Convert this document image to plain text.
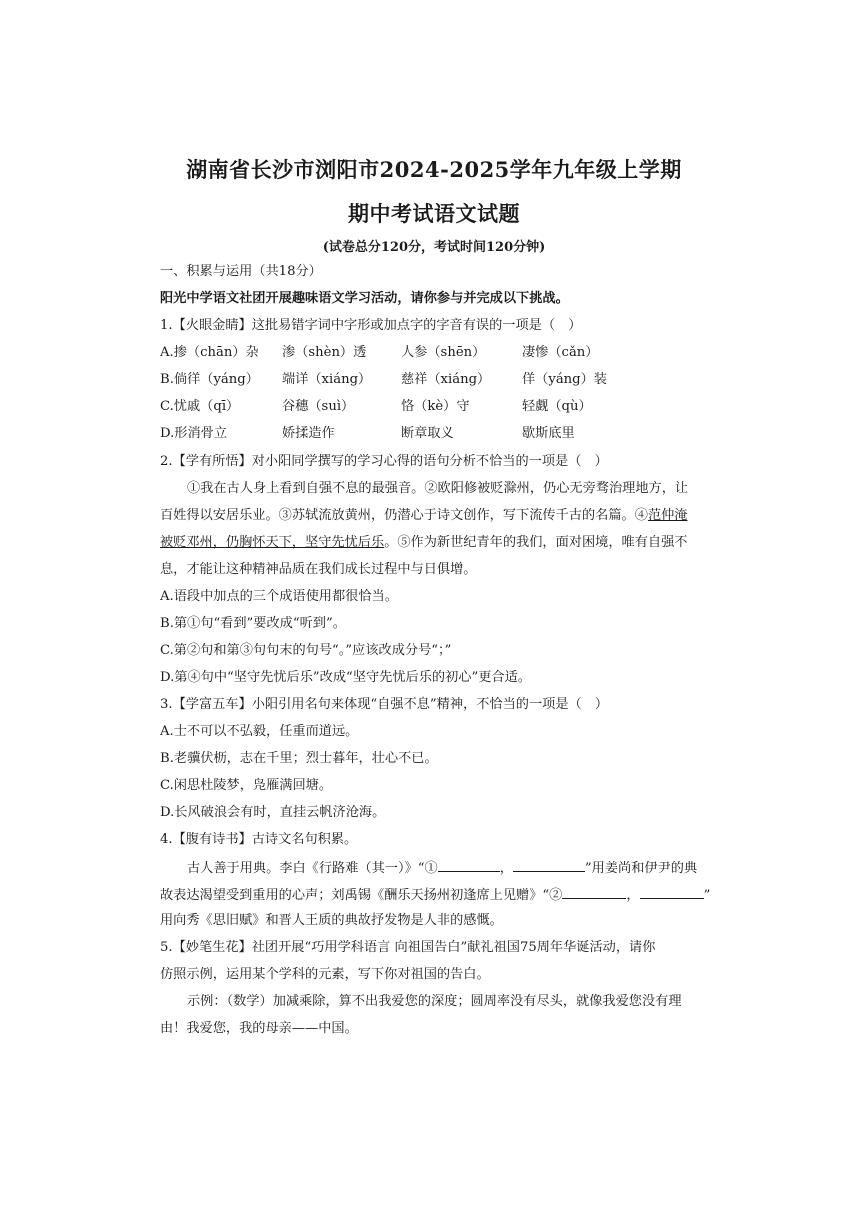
湖南省长沙市浏阳市2024-2025学年九年级上学期
期中考试语文试题
(试卷总分120分，考试时间120分钟)
一、积累与运用（共18分）
阳光中学语文社团开展趣味语文学习活动，请你参与并完成以下挑战。
1.【火眼金睛】这批易错字词中字形或加点字的字音有误的一项是（　）
A.掺（chān）杂	渗（shèn）透	人参（shēn）	凄惨（cǎn）
B.倘徉（yáng）	端详（xiáng）	慈祥（xiáng）	佯（yáng）装
C.忧戚（qī）	谷穗（suì）	恪（kè）守	轻觑（qù）
D.形消骨立	娇揉造作	断章取义	歇斯底里
2.【学有所悟】对小阳同学撰写的学习心得的语句分析不恰当的一项是（　）
①我在古人身上看到自强不息的最强音。②欧阳修被贬滁州，仍心无旁骛治理地方，让
百姓得以安居乐业。③苏轼流放黄州，仍潜心于诗文创作，写下流传千古的名篇。④范仲淹
被贬邓州，仍胸怀天下，坚守先忧后乐。⑤作为新世纪青年的我们，面对困境，唯有自强不
息，才能让这种精神品质在我们成长过程中与日俱增。
A.语段中加点的三个成语使用都很恰当。
B.第①句“看到”要改成“听到”。
C.第②句和第③句句末的句号“。”应该改成分号“；”
D.第④句中“坚守先忧后乐”改成“坚守先忧后乐的初心”更合适。
3.【学富五车】小阳引用名句来体现“自强不息”精神，不恰当的一项是（　）
A.士不可以不弘毅，任重而道远。
B.老骥伏枥，志在千里；烈士暮年，壮心不已。
C.闲思杜陵梦，凫雁满回塘。
D.长风破浪会有时，直挂云帆济沧海。
4.【腹有诗书】古诗文名句积累。
古人善于用典。李白《行路难（其一）》“①	，	”用姜尚和伊尹的典
故表达渴望受到重用的心声；刘禹锡《酬乐天扬州初逢席上见赠》“②	，	”
用向秀《思旧赋》和晋人王质的典故抒发物是人非的感慨。
5.【妙笔生花】社团开展“巧用学科语言 向祖国告白”献礼祖国75周年华诞活动，请你
仿照示例，运用某个学科的元素，写下你对祖国的告白。
示例：（数学）加减乘除，算不出我爱您的深度；圆周率没有尽头，就像我爱您没有理
由！我爱您，我的母亲——中国。
